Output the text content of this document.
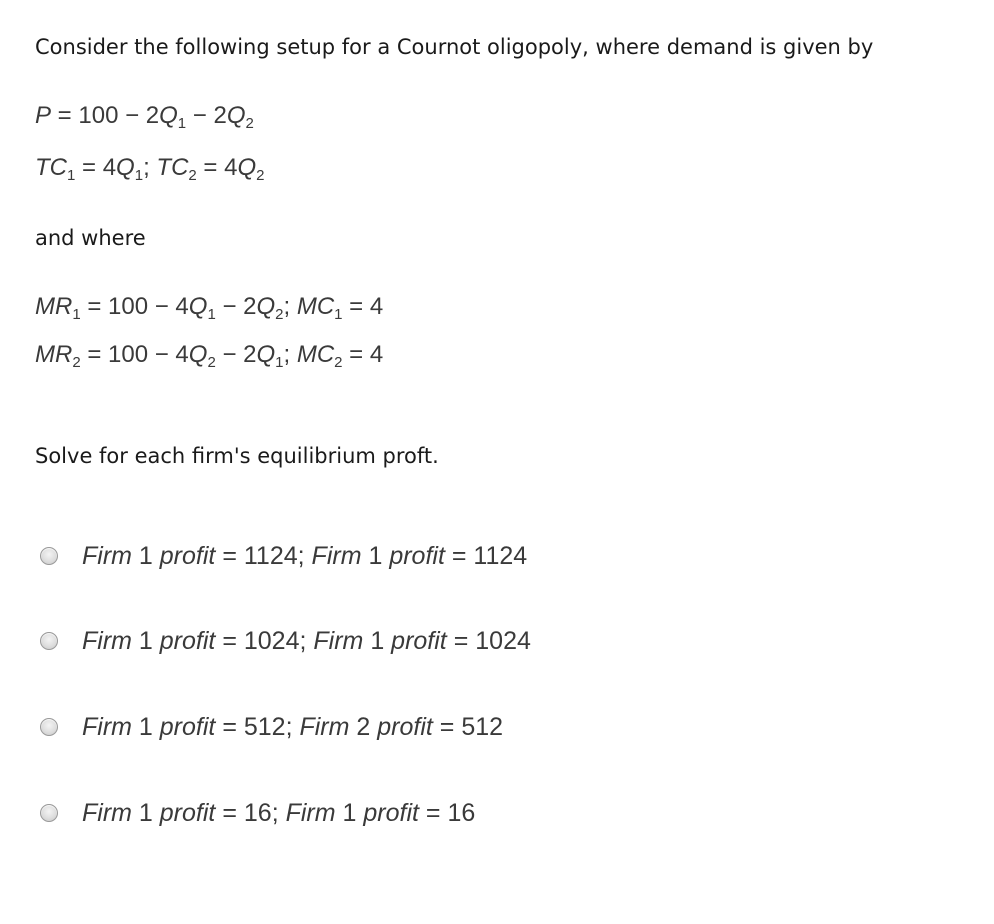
Consider the following setup for a Cournot oligopoly, where demand is given by
$P = 100 - 2Q_1 - 2Q_2$
$TC_1 = 4Q_1$; $TC_2 = 4Q_2$
and where
$MR_1 = 100 - 4Q_1 - 2Q_2$; $MC_1 = 4$
$MR_2 = 100 - 4Q_2 - 2Q_1$; $MC_2 = 4$
Solve for each firm's equilibrium proft.
Firm 1 profit = 1124; Firm 1 profit = 1124
Firm 1 profit = 1024; Firm 1 profit = 1024
Firm 1 profit = 512; Firm 2 profit = 512
Firm 1 profit = 16; Firm 1 profit = 16
